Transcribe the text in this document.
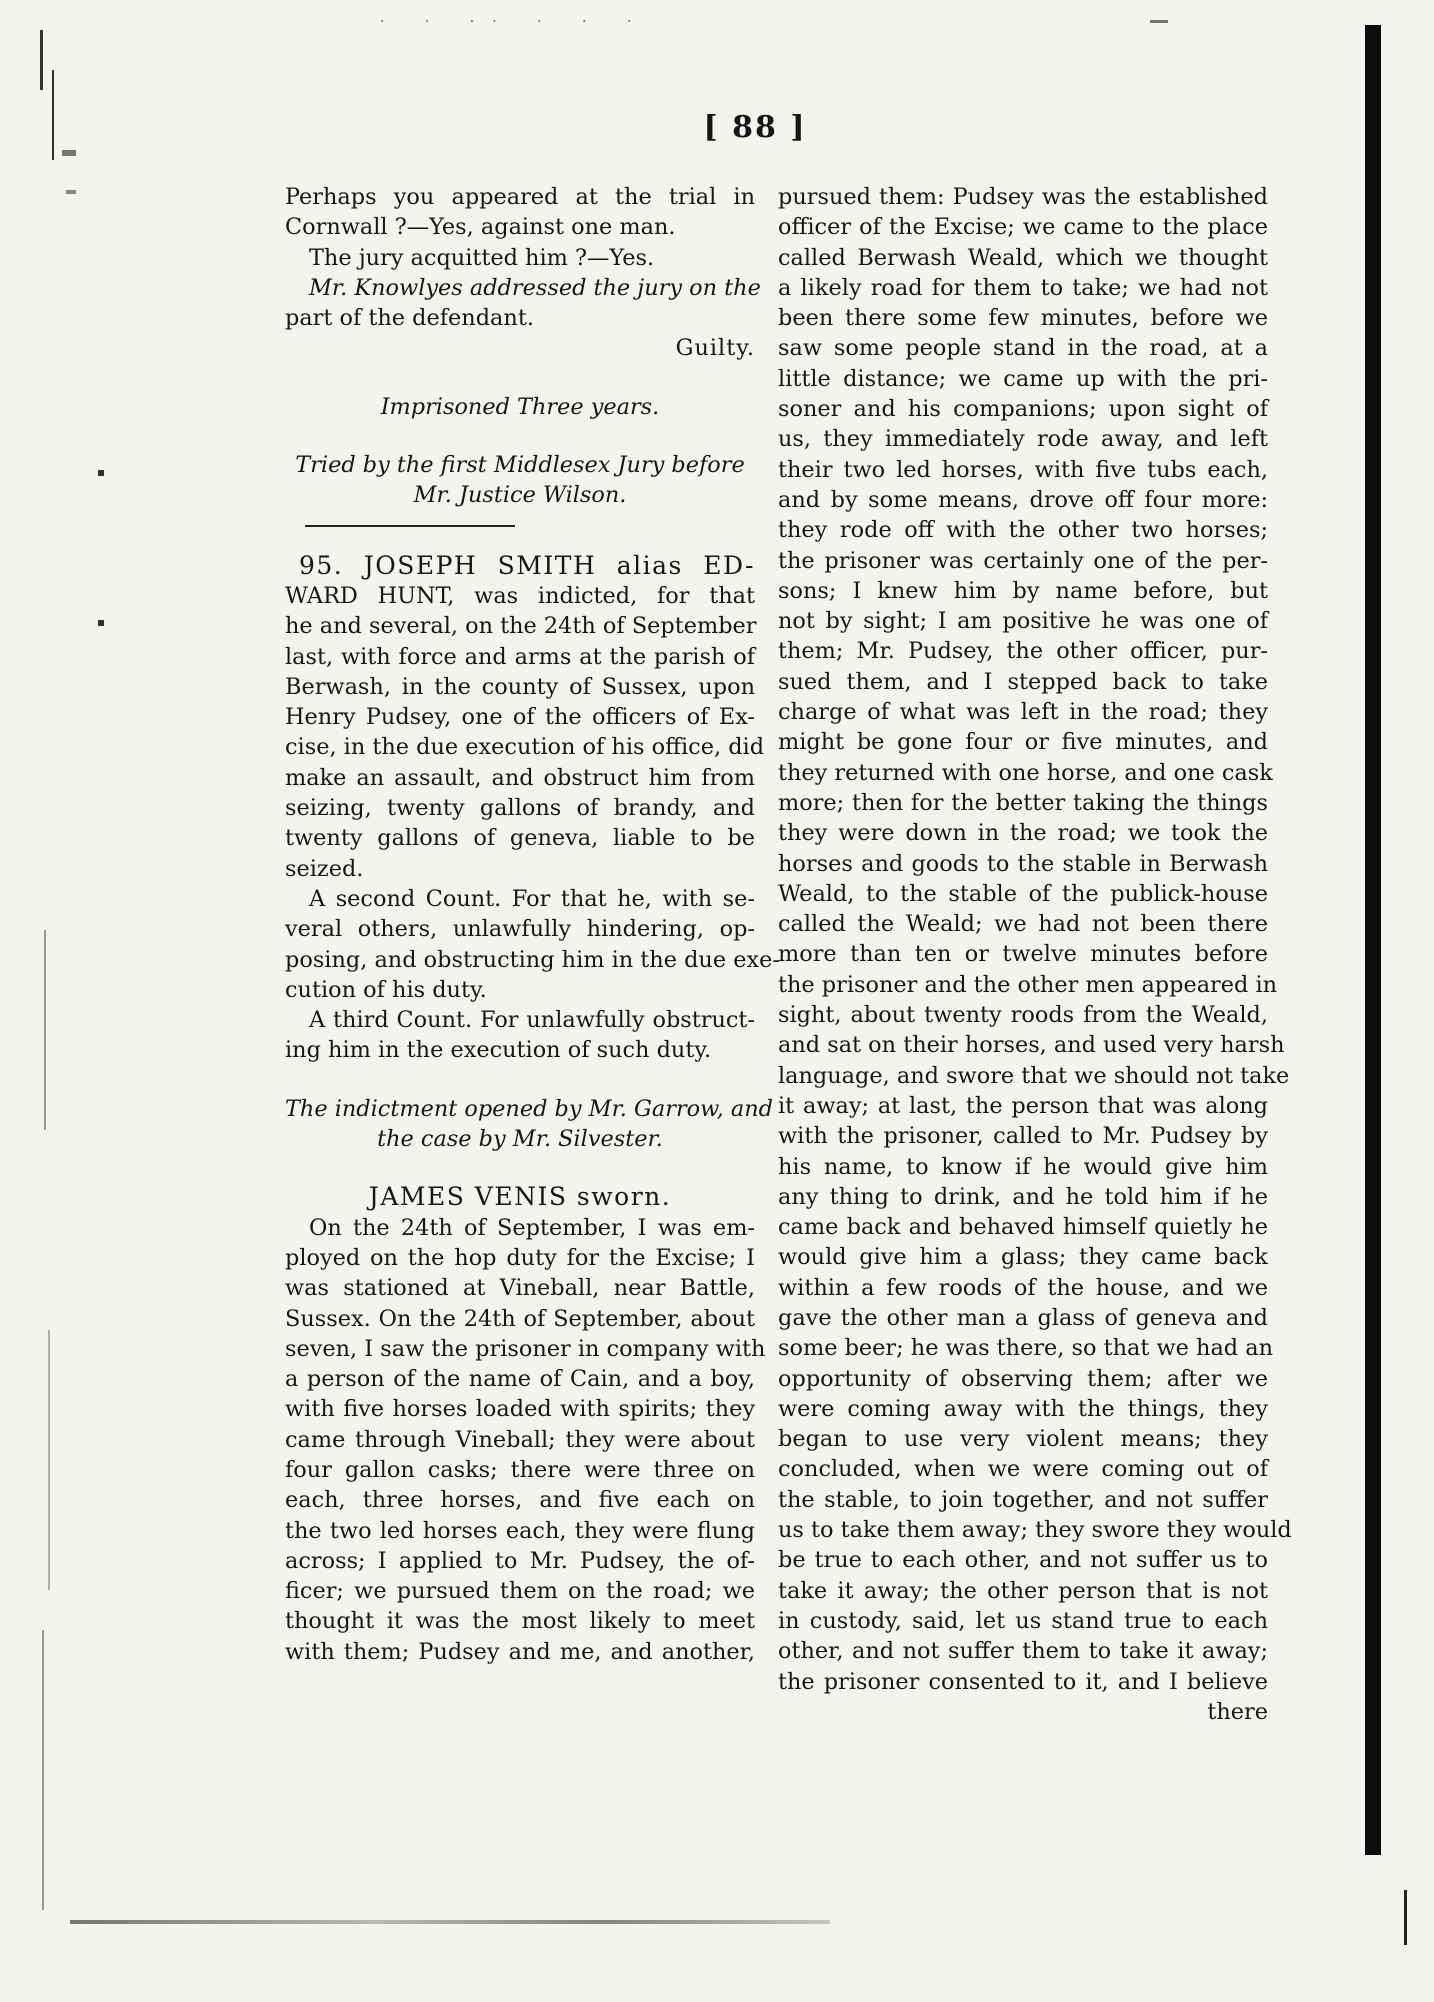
· · ·· · · ·
[ 88 ]
Perhaps you appeared at the trial in
Cornwall ?—Yes, against one man.
The jury acquitted him ?—Yes.
Mr. Knowlyes addressed the jury on the
part of the defendant.
Guilty.
Imprisoned Three years.
Tried by the first Middlesex Jury before
Mr. Justice Wilson.
95. JOSEPH SMITH alias ED-
WARD HUNT, was indicted, for that
he and several, on the 24th of September
last, with force and arms at the parish of
Berwash, in the county of Sussex, upon
Henry Pudsey, one of the officers of Ex-
cise, in the due execution of his office, did
make an assault, and obstruct him from
seizing, twenty gallons of brandy, and
twenty gallons of geneva, liable to be
seized.
A second Count. For that he, with se-
veral others, unlawfully hindering, op-
posing, and obstructing him in the due exe-
cution of his duty.
A third Count. For unlawfully obstruct-
ing him in the execution of such duty.
The indictment opened by Mr. Garrow, and
the case by Mr. Silvester.
JAMES VENIS sworn.
On the 24th of September, I was em-
ployed on the hop duty for the Excise; I
was stationed at Vineball, near Battle,
Sussex. On the 24th of September, about
seven, I saw the prisoner in company with
a person of the name of Cain, and a boy,
with five horses loaded with spirits; they
came through Vineball; they were about
four gallon casks; there were three on
each, three horses, and five each on
the two led horses each, they were flung
across; I applied to Mr. Pudsey, the of-
ficer; we pursued them on the road; we
thought it was the most likely to meet
with them; Pudsey and me, and another,
pursued them: Pudsey was the established
officer of the Excise; we came to the place
called Berwash Weald, which we thought
a likely road for them to take; we had not
been there some few minutes, before we
saw some people stand in the road, at a
little distance; we came up with the pri-
soner and his companions; upon sight of
us, they immediately rode away, and left
their two led horses, with five tubs each,
and by some means, drove off four more:
they rode off with the other two horses;
the prisoner was certainly one of the per-
sons; I knew him by name before, but
not by sight; I am positive he was one of
them; Mr. Pudsey, the other officer, pur-
sued them, and I stepped back to take
charge of what was left in the road; they
might be gone four or five minutes, and
they returned with one horse, and one cask
more; then for the better taking the things
they were down in the road; we took the
horses and goods to the stable in Berwash
Weald, to the stable of the publick-house
called the Weald; we had not been there
more than ten or twelve minutes before
the prisoner and the other men appeared in
sight, about twenty roods from the Weald,
and sat on their horses, and used very harsh
language, and swore that we should not take
it away; at last, the person that was along
with the prisoner, called to Mr. Pudsey by
his name, to know if he would give him
any thing to drink, and he told him if he
came back and behaved himself quietly he
would give him a glass; they came back
within a few roods of the house, and we
gave the other man a glass of geneva and
some beer; he was there, so that we had an
opportunity of observing them; after we
were coming away with the things, they
began to use very violent means; they
concluded, when we were coming out of
the stable, to join together, and not suffer
us to take them away; they swore they would
be true to each other, and not suffer us to
take it away; the other person that is not
in custody, said, let us stand true to each
other, and not suffer them to take it away;
the prisoner consented to it, and I believe
there
